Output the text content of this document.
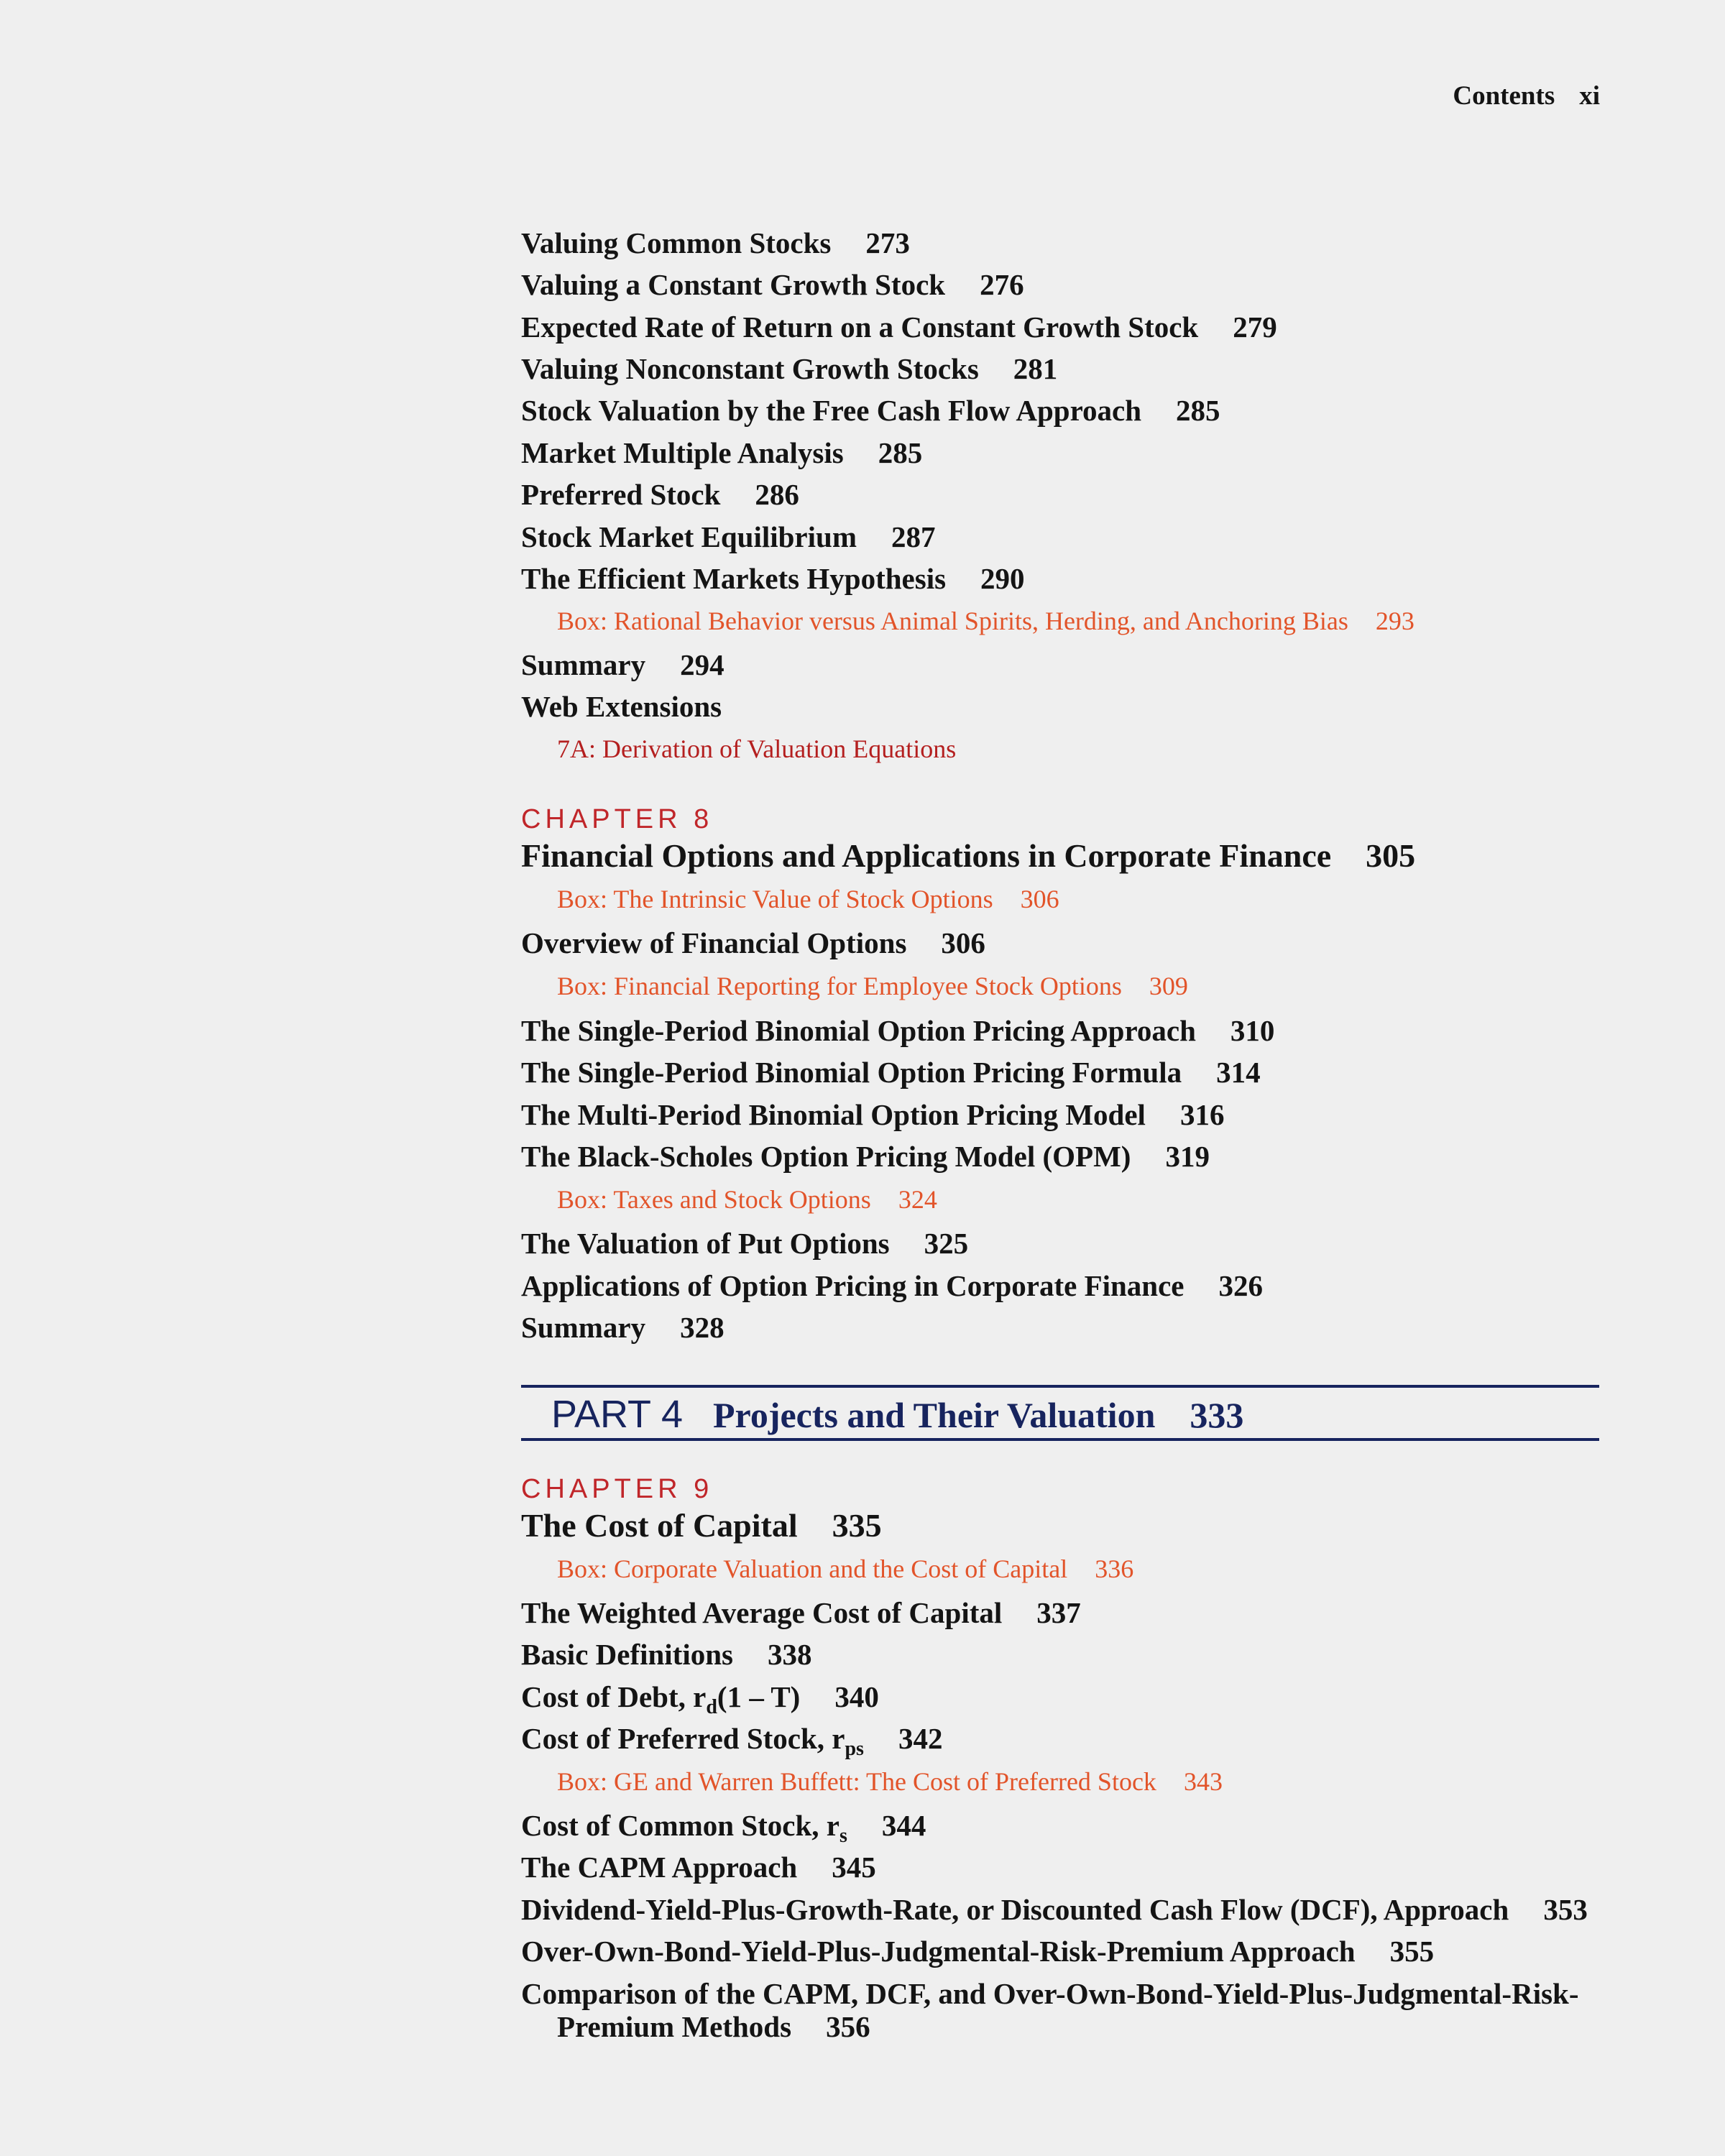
Contents xi
Valuing Common Stocks 273
Valuing a Constant Growth Stock 276
Expected Rate of Return on a Constant Growth Stock 279
Valuing Nonconstant Growth Stocks 281
Stock Valuation by the Free Cash Flow Approach 285
Market Multiple Analysis 285
Preferred Stock 286
Stock Market Equilibrium 287
The Efficient Markets Hypothesis 290
Box: Rational Behavior versus Animal Spirits, Herding, and Anchoring Bias 293
Summary 294
Web Extensions
7A: Derivation of Valuation Equations
CHAPTER 8
Financial Options and Applications in Corporate Finance 305
Box: The Intrinsic Value of Stock Options 306
Overview of Financial Options 306
Box: Financial Reporting for Employee Stock Options 309
The Single-Period Binomial Option Pricing Approach 310
The Single-Period Binomial Option Pricing Formula 314
The Multi-Period Binomial Option Pricing Model 316
The Black-Scholes Option Pricing Model (OPM) 319
Box: Taxes and Stock Options 324
The Valuation of Put Options 325
Applications of Option Pricing in Corporate Finance 326
Summary 328
PART 4 Projects and Their Valuation 333
CHAPTER 9
The Cost of Capital 335
Box: Corporate Valuation and the Cost of Capital 336
The Weighted Average Cost of Capital 337
Basic Definitions 338
Cost of Debt, $r_d(1 - T)$ 340
Cost of Preferred Stock, $r_{ps}$ 342
Box: GE and Warren Buffett: The Cost of Preferred Stock 343
Cost of Common Stock, $r_s$ 344
The CAPM Approach 345
Dividend-Yield-Plus-Growth-Rate, or Discounted Cash Flow (DCF), Approach 353
Over-Own-Bond-Yield-Plus-Judgmental-Risk-Premium Approach 355
Comparison of the CAPM, DCF, and Over-Own-Bond-Yield-Plus-Judgmental-Risk-
Premium Methods 356
